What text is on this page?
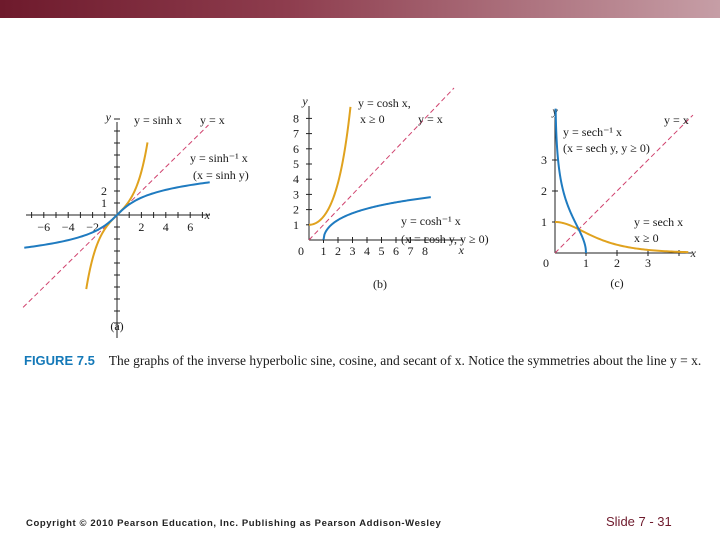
−6 −4 −2	2 4 6
1
2
x
y y = sinh x y = x
y = sinh⁻¹ x
(x = sinh y)
(a)
0 1 2 3 4 5 6 7 8
1
2
3
4
5
6
7
8
x
y	y = cosh x,
x ≥ 0	y = x
y = cosh⁻¹ x
(x = cosh y, y ≥ 0)
(b)
0	1 2 3
1
2
3
x
y
y = sech⁻¹ x
(x = sech y, y ≥ 0)
y = sech x
x ≥ 0
y = x
(c)
FIGURE 7.5 The graphs of the inverse hyperbolic sine, cosine, and secant of x. Notice the symmetries about the line y = x.
Copyright © 2010 Pearson Education, Inc. Publishing as Pearson Addison-Wesley	Slide 7 - 31
